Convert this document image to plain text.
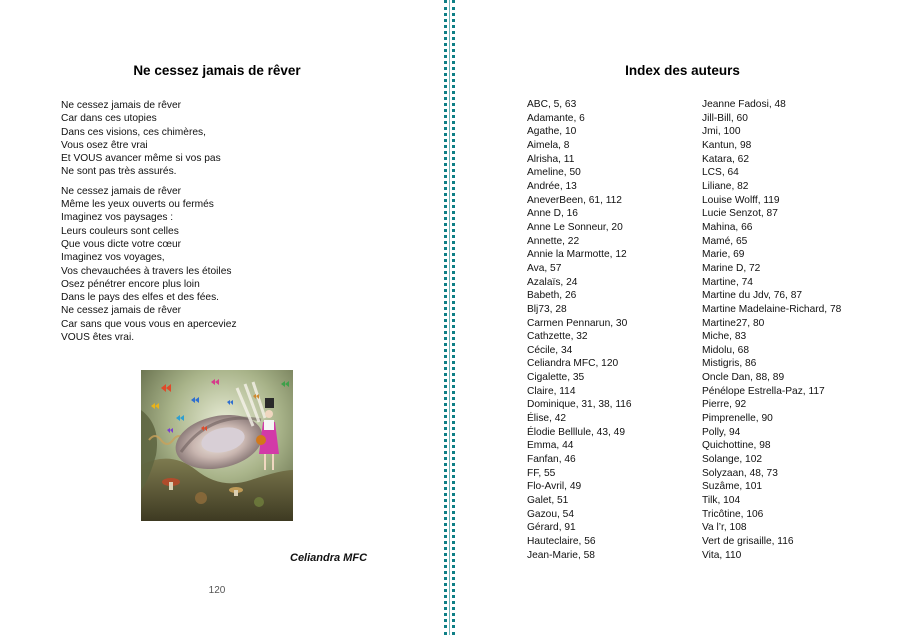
Ne cessez jamais de rêver
Ne cessez jamais de rêver
Car dans ces utopies
Dans ces visions, ces chimères,
Vous osez être vrai
Et VOUS avancer même si vos pas
Ne sont pas très assurés.
Ne cessez jamais de rêver
Même les yeux ouverts ou fermés
Imaginez vos paysages :
Leurs couleurs sont celles
Que vous dicte votre cœur
Imaginez vos voyages,
Vos chevauchées à travers les étoiles
Osez pénétrer encore plus loin
Dans le pays des elfes et des fées.
Ne cessez jamais de rêver
Car sans que vous vous en aperceviez
VOUS êtes vrai.
Celiandra MFC
120
Index des auteurs
ABC, 5, 63
Adamante, 6
Agathe, 10
Aimela, 8
Alrisha, 11
Ameline, 50
Andrée, 13
AneverBeen, 61, 112
Anne D, 16
Anne Le Sonneur, 20
Annette, 22
Annie la Marmotte, 12
Ava, 57
Azalaïs, 24
Babeth, 26
Blj73, 28
Carmen Pennarun, 30
Cathzette, 32
Cécile, 34
Celiandra MFC, 120
Cigalette, 35
Claire, 114
Dominique, 31, 38, 116
Élise, 42
Élodie Belllule, 43, 49
Emma, 44
Fanfan, 46
FF, 55
Flo-Avril, 49
Galet, 51
Gazou, 54
Gérard, 91
Hauteclaire, 56
Jean-Marie, 58
Jeanne Fadosi, 48
Jill-Bill, 60
Jmi, 100
Kantun, 98
Katara, 62
LCS, 64
Liliane, 82
Louise Wolff, 119
Lucie Senzot, 87
Mahina, 66
Mamé, 65
Marie, 69
Marine D, 72
Martine, 74
Martine du Jdv, 76, 87
Martine Madelaine-Richard, 78
Martine27, 80
Miche, 83
Midolu, 68
Mistigris, 86
Oncle Dan, 88, 89
Pénélope Estrella-Paz, 117
Pierre, 92
Pimprenelle, 90
Polly, 94
Quichottine, 98
Solange, 102
Solyzaan, 48, 73
Suzâme, 101
Tilk, 104
Tricôtine, 106
Va l’r, 108
Vert de grisaille, 116
Vita, 110
